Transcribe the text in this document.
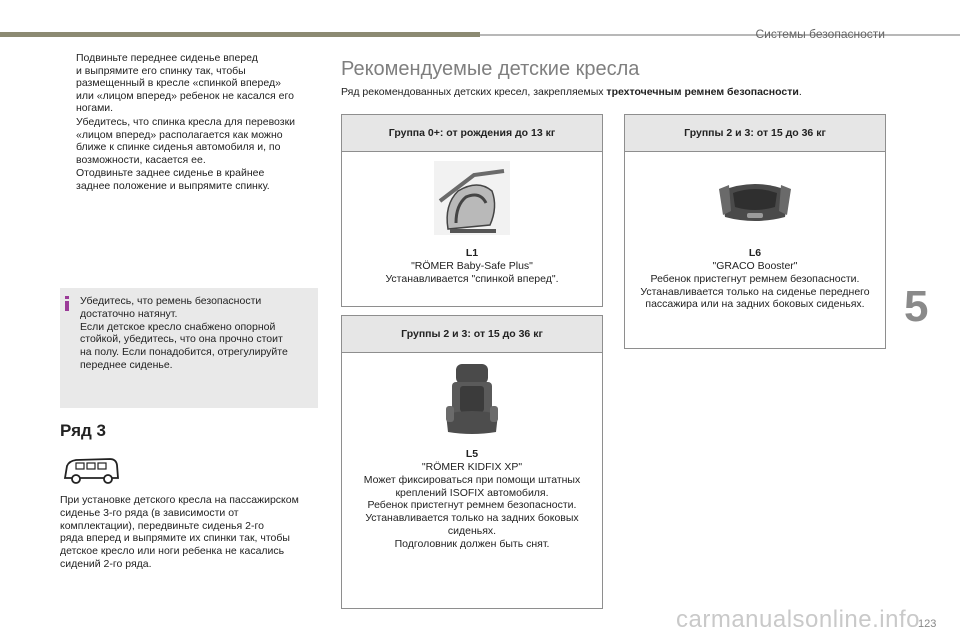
Системы безопасности
5
123
Подвиньте переднее сиденье вперед
и выпрямите его спинку так, чтобы
размещенный в кресле «спинкой вперед»
или «лицом вперед» ребенок не касался его
ногами.
Убедитесь, что спинка кресла для перевозки
«лицом вперед» располагается как можно
ближе к спинке сиденья автомобиля и, по
возможности, касается ее.
Отодвиньте заднее сиденье в крайнее
заднее положение и выпрямите спинку.
Убедитесь, что ремень безопасности
достаточно натянут.
Если детское кресло снабжено опорной
стойкой, убедитесь, что она прочно стоит
на полу. Если понадобится, отрегулируйте
переднее сиденье.
Ряд 3
При установке детского кресла на пассажирском
сиденье 3-го ряда (в зависимости от
комплектации), передвиньте сиденья 2-го
ряда вперед и выпрямите их спинки так, чтобы
детское кресло или ноги ребенка не касались
сидений 2-го ряда.
Рекомендуемые детские кресла
Ряд рекомендованных детских кресел, закрепляемых трехточечным ремнем безопасности.
Группа 0+: от рождения до 13 кг
L1
"RÖMER Baby-Safe Plus"
Устанавливается "спинкой вперед".
Группы 2 и 3: от 15 до 36 кг
L5
"RÖMER KIDFIX XP"
Может фиксироваться при помощи штатных
креплений ISOFIX автомобиля.
Ребенок пристегнут ремнем безопасности.
Устанавливается только на задних боковых
сиденьях.
Подголовник должен быть снят.
Группы 2 и 3: от 15 до 36 кг
L6
"GRACO Booster"
Ребенок пристегнут ремнем безопасности.
Устанавливается только на сиденье переднего
пассажира или на задних боковых сиденьях.
carmanualsonline.info
